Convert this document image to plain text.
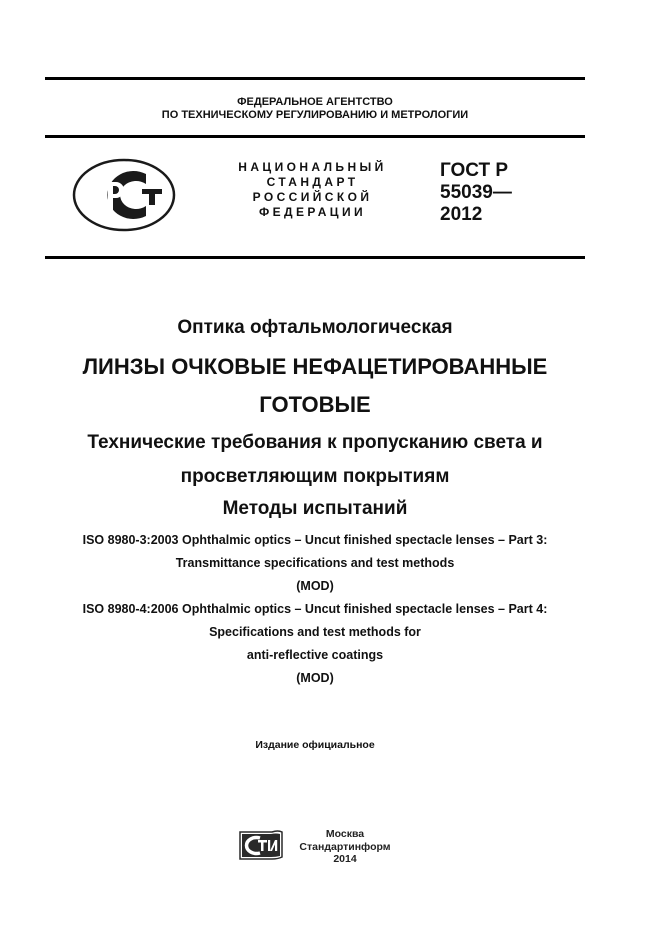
ФЕДЕРАЛЬНОЕ АГЕНТСТВО
ПО ТЕХНИЧЕСКОМУ РЕГУЛИРОВАНИЮ И МЕТРОЛОГИИ
НАЦИОНАЛЬНЫЙ
СТАНДАРТ
РОССИЙСКОЙ
ФЕДЕРАЦИИ
ГОСТ Р
55039—
2012
Оптика офтальмологическая
ЛИНЗЫ ОЧКОВЫЕ НЕФАЦЕТИРОВАННЫЕ
ГОТОВЫЕ
Технические требования к пропусканию света и
просветляющим покрытиям
Методы испытаний
ISO 8980-3:2003 Ophthalmic optics – Uncut finished spectacle lenses – Part 3:
Transmittance specifications and test methods
(MOD)
ISO 8980-4:2006 Ophthalmic optics – Uncut finished spectacle lenses – Part 4:
Specifications and test methods for
anti-reflective coatings
(MOD)
Издание официальное
Москва
Стандартинформ
2014
